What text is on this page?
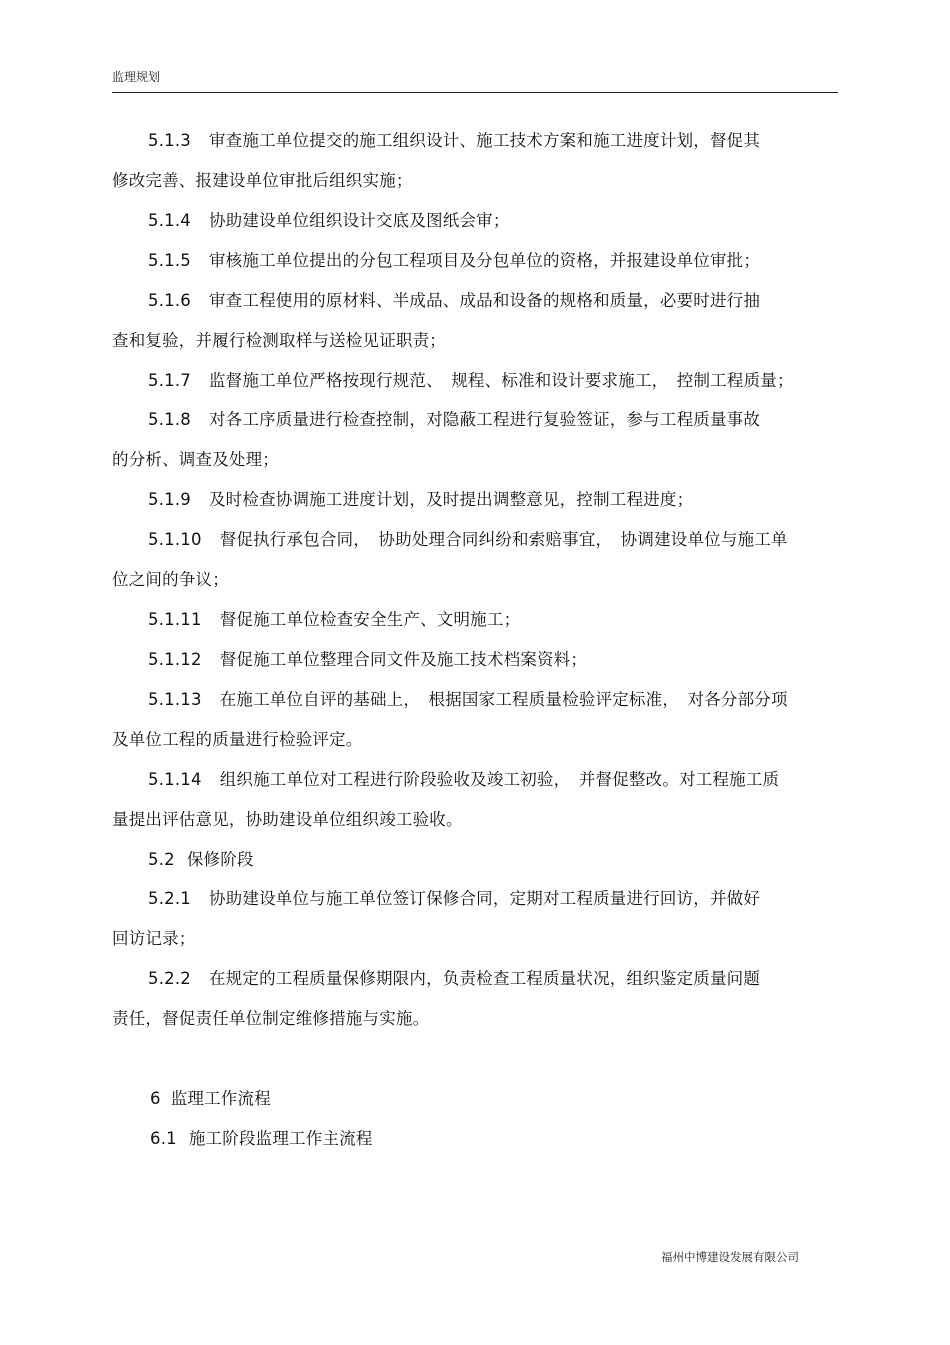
监理规划
5.1.3 审查施工单位提交的施工组织设计、施工技术方案和施工进度计划，督促其
修改完善、报建设单位审批后组织实施；
5.1.4 协助建设单位组织设计交底及图纸会审；
5.1.5 审核施工单位提出的分包工程项目及分包单位的资格，并报建设单位审批；
5.1.6 审查工程使用的原材料、半成品、成品和设备的规格和质量，必要时进行抽
查和复验，并履行检测取样与送检见证职责；
5.1.7 监督施工单位严格按现行规范、　规程、标准和设计要求施工，　控制工程质量；
5.1.8 对各工序质量进行检查控制，对隐蔽工程进行复验签证，参与工程质量事故
的分析、调查及处理；
5.1.9 及时检查协调施工进度计划，及时提出调整意见，控制工程进度；
5.1.10 督促执行承包合同，　协助处理合同纠纷和索赔事宜，　协调建设单位与施工单
位之间的争议；
5.1.11 督促施工单位检查安全生产、文明施工；
5.1.12 督促施工单位整理合同文件及施工技术档案资料；
5.1.13 在施工单位自评的基础上，　根据国家工程质量检验评定标准，　对各分部分项
及单位工程的质量进行检验评定。
5.1.14 组织施工单位对工程进行阶段验收及竣工初验，　并督促整改。对工程施工质
量提出评估意见，协助建设单位组织竣工验收。
5.2 保修阶段
5.2.1 协助建设单位与施工单位签订保修合同，定期对工程质量进行回访，并做好
回访记录；
5.2.2 在规定的工程质量保修期限内，负责检查工程质量状况，组织鉴定质量问题
责任，督促责任单位制定维修措施与实施。
6 监理工作流程
6.1 施工阶段监理工作主流程
福州中博建设发展有限公司
